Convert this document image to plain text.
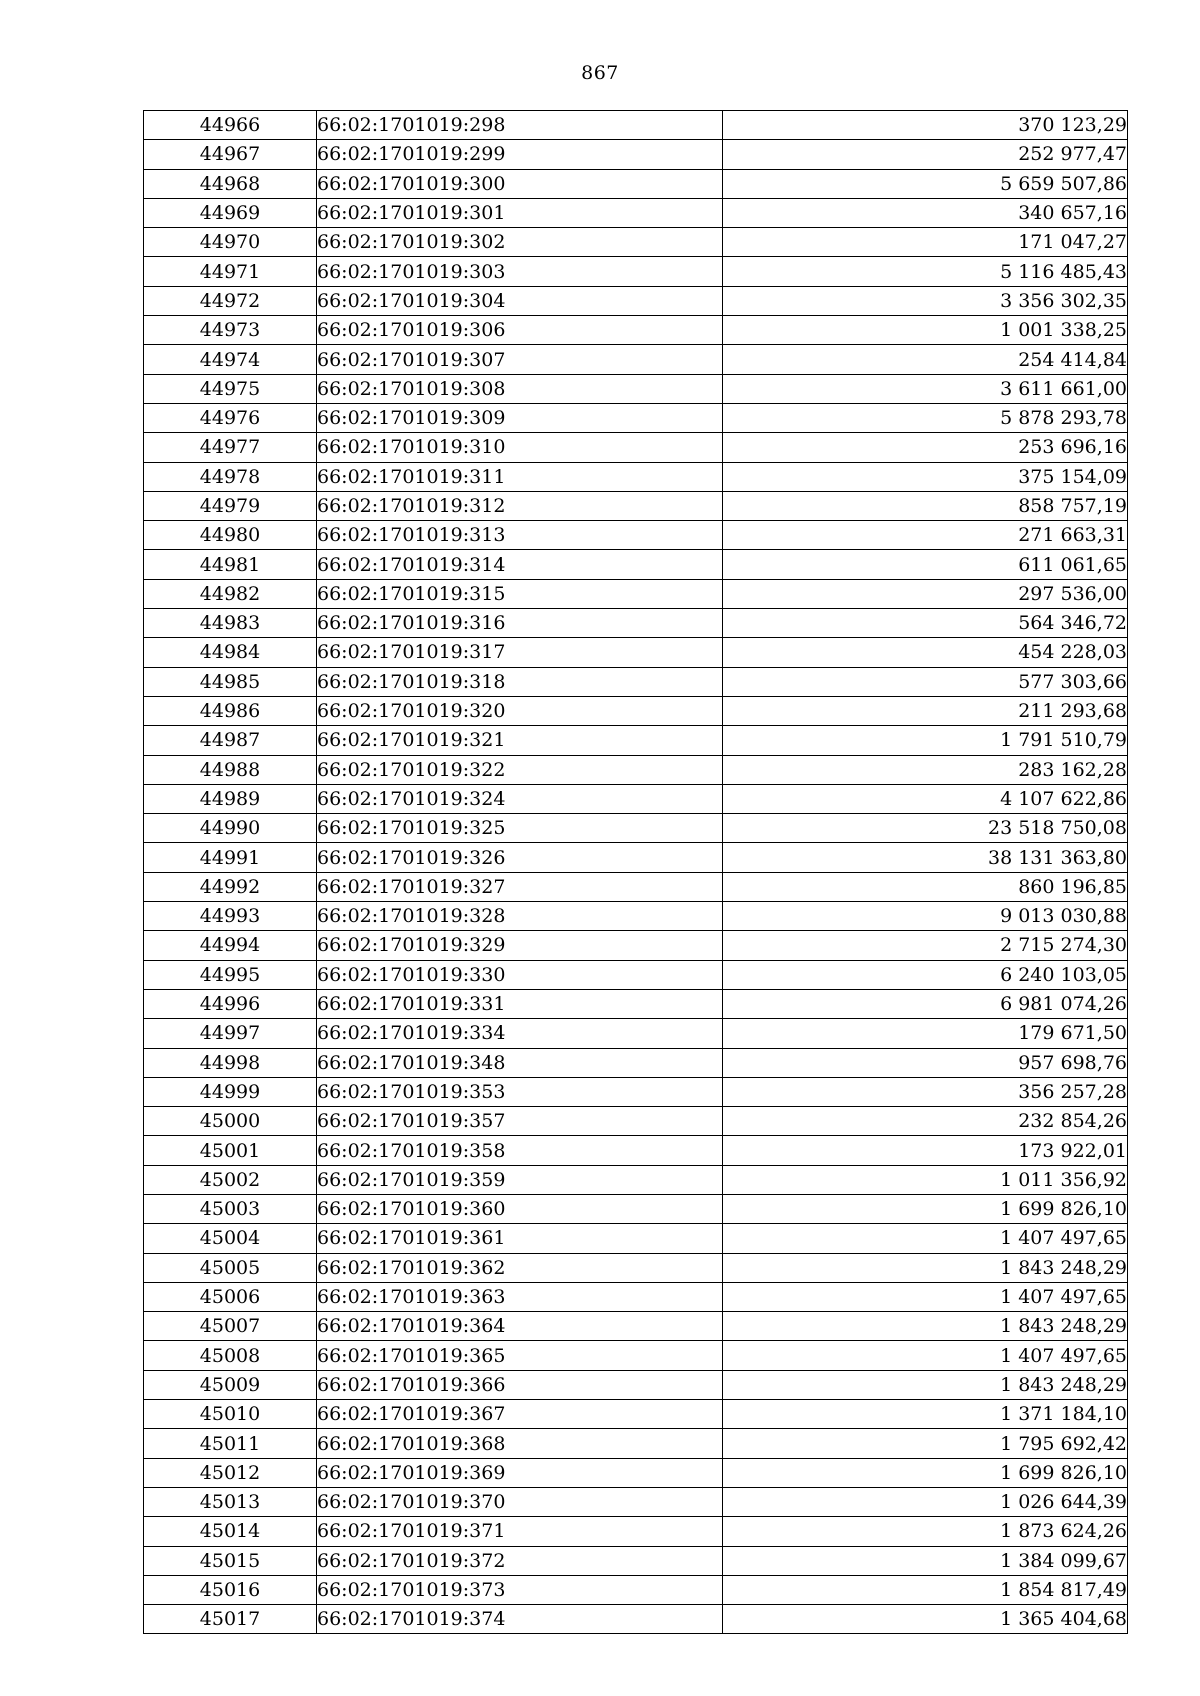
867
44966	66:02:1701019:298	370 123,29
44967	66:02:1701019:299	252 977,47
44968	66:02:1701019:300	5 659 507,86
44969	66:02:1701019:301	340 657,16
44970	66:02:1701019:302	171 047,27
44971	66:02:1701019:303	5 116 485,43
44972	66:02:1701019:304	3 356 302,35
44973	66:02:1701019:306	1 001 338,25
44974	66:02:1701019:307	254 414,84
44975	66:02:1701019:308	3 611 661,00
44976	66:02:1701019:309	5 878 293,78
44977	66:02:1701019:310	253 696,16
44978	66:02:1701019:311	375 154,09
44979	66:02:1701019:312	858 757,19
44980	66:02:1701019:313	271 663,31
44981	66:02:1701019:314	611 061,65
44982	66:02:1701019:315	297 536,00
44983	66:02:1701019:316	564 346,72
44984	66:02:1701019:317	454 228,03
44985	66:02:1701019:318	577 303,66
44986	66:02:1701019:320	211 293,68
44987	66:02:1701019:321	1 791 510,79
44988	66:02:1701019:322	283 162,28
44989	66:02:1701019:324	4 107 622,86
44990	66:02:1701019:325	23 518 750,08
44991	66:02:1701019:326	38 131 363,80
44992	66:02:1701019:327	860 196,85
44993	66:02:1701019:328	9 013 030,88
44994	66:02:1701019:329	2 715 274,30
44995	66:02:1701019:330	6 240 103,05
44996	66:02:1701019:331	6 981 074,26
44997	66:02:1701019:334	179 671,50
44998	66:02:1701019:348	957 698,76
44999	66:02:1701019:353	356 257,28
45000	66:02:1701019:357	232 854,26
45001	66:02:1701019:358	173 922,01
45002	66:02:1701019:359	1 011 356,92
45003	66:02:1701019:360	1 699 826,10
45004	66:02:1701019:361	1 407 497,65
45005	66:02:1701019:362	1 843 248,29
45006	66:02:1701019:363	1 407 497,65
45007	66:02:1701019:364	1 843 248,29
45008	66:02:1701019:365	1 407 497,65
45009	66:02:1701019:366	1 843 248,29
45010	66:02:1701019:367	1 371 184,10
45011	66:02:1701019:368	1 795 692,42
45012	66:02:1701019:369	1 699 826,10
45013	66:02:1701019:370	1 026 644,39
45014	66:02:1701019:371	1 873 624,26
45015	66:02:1701019:372	1 384 099,67
45016	66:02:1701019:373	1 854 817,49
45017	66:02:1701019:374	1 365 404,68
